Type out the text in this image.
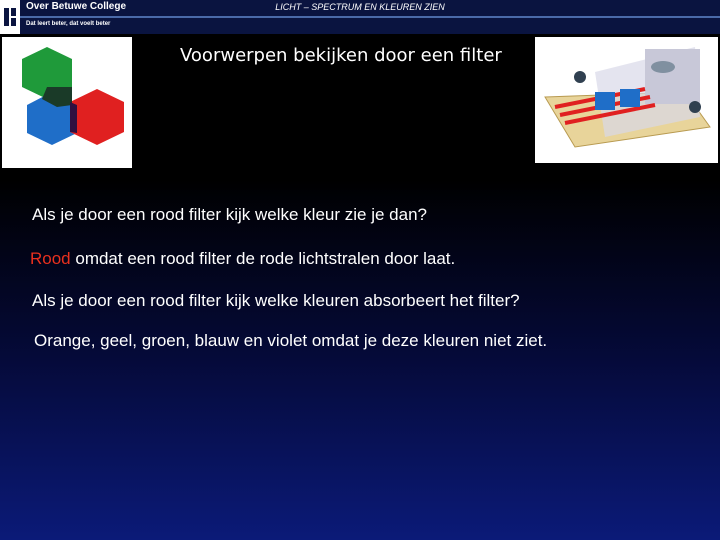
Over Betuwe College
Dat leert beter, dat voelt beter
LICHT – SPECTRUM EN KLEUREN ZIEN
Voorwerpen bekijken door een filter
Als je door een rood filter kijk welke kleur zie je dan?
Rood omdat een rood filter de rode lichtstralen door laat.
Als je door een rood filter kijk welke kleuren absorbeert het filter?
Orange, geel, groen, blauw en violet omdat je deze kleuren niet ziet.
